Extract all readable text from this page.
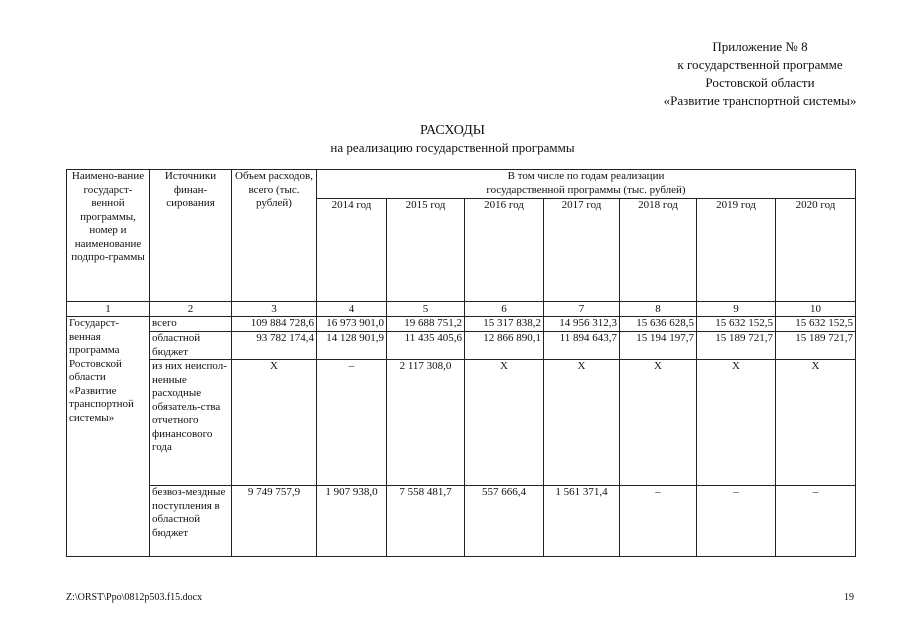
Приложение № 8
к государственной программе
Ростовской области
«Развитие транспортной системы»
РАСХОДЫ
на реализацию государственной программы
Наимено-вание государст-венной программы, номер и наименование подпро-граммы	Источники финан-сирования	Объем расходов, всего (тыс. рублей)	В том числе по годам реализации
государственной программы (тыс. рублей)						

			2014 год	2015 год	2016 год	2017 год	2018 год	2019 год	2020 год
1	2	3	4	5	6	7	8	9	10
Государст-венная программа Ростовской области «Развитие транспортной системы»	всего	109 884 728,6	16 973 901,0	19 688 751,2	15 317 838,2	14 956 312,3	15 636 628,5	15 632 152,5	15 632 152,5
	областной бюджет	93 782 174,4	14 128 901,9	11 435 405,6	12 866 890,1	11 894 643,7	15 194 197,7	15 189 721,7	15 189 721,7
	из них неиспол-ненные расходные обязатель-ства отчетного финансового года	Х	–	2 117 308,0	Х	Х	Х	Х	Х
	безвоз-мездные поступления в областной бюджет	9 749 757,9	1 907 938,0	7 558 481,7	557 666,4	1 561 371,4	–	–	–
Z:\ORST\Ppo\0812p503.f15.docx	19
